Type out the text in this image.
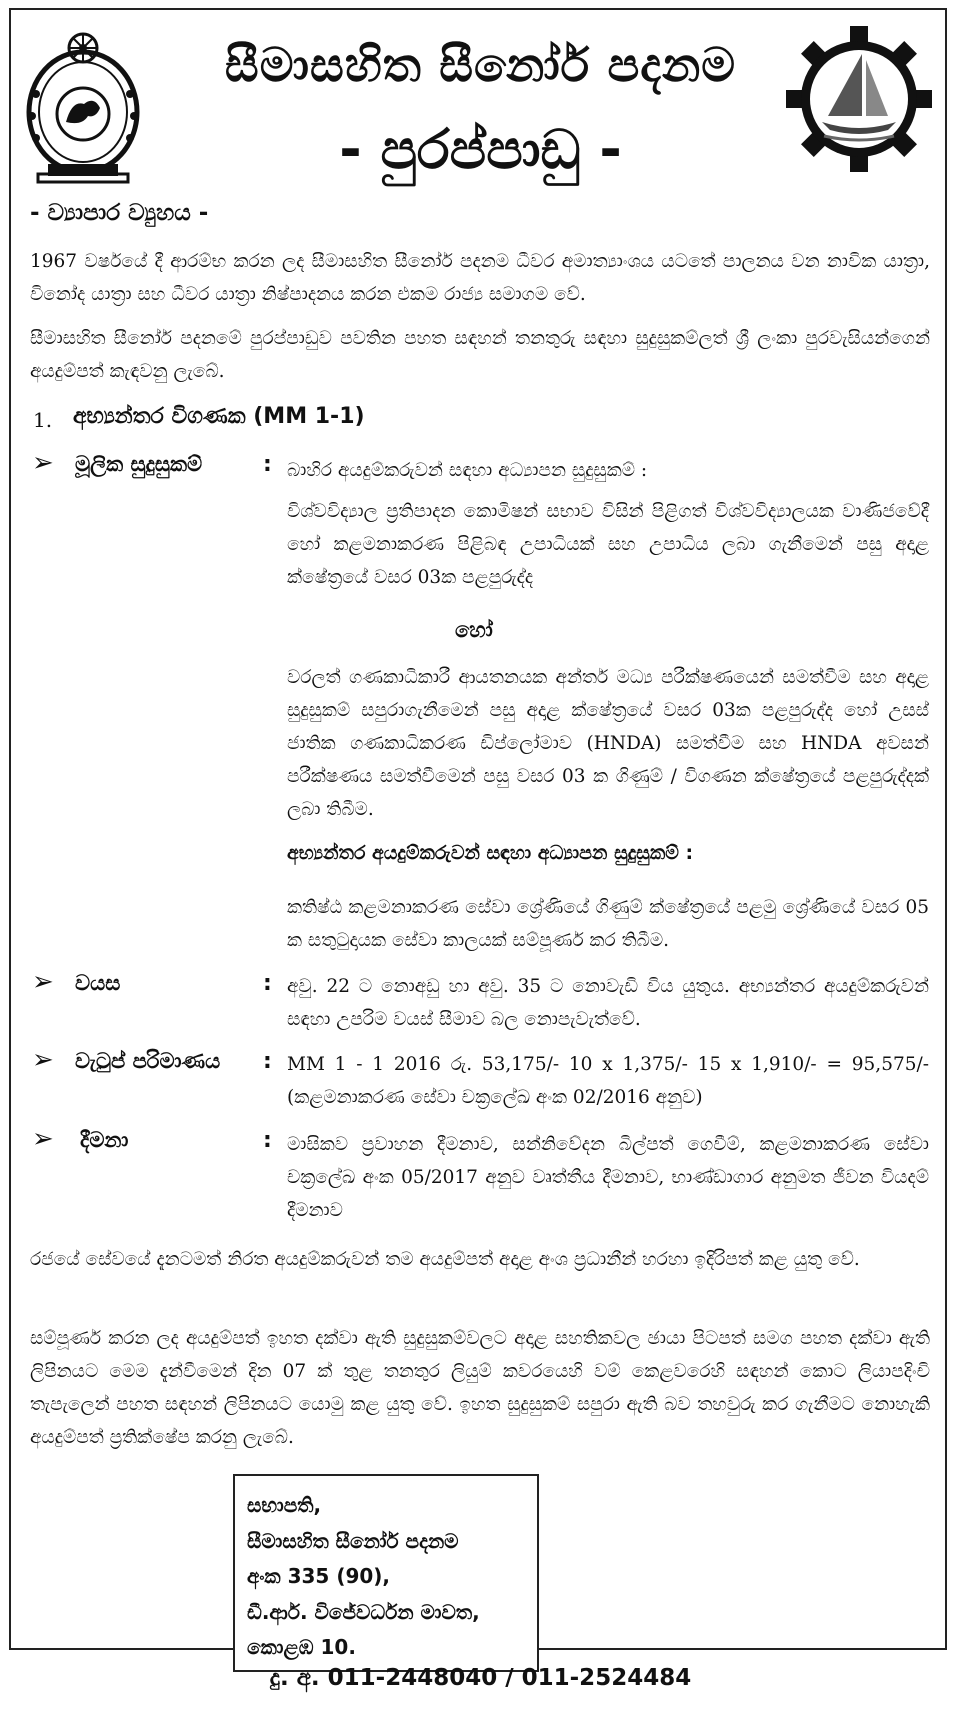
සීමාසහිත සීනෝර් පදනම
- පුරප්පාඩු -
- ව්‍යාපාර ව්‍යුහය -
1967 වර්ෂයේ දී ආරම්භ කරන ලද සීමාසහිත සීනෝර් පදනම ධීවර අමාත්‍යාංශය යටතේ පාලනය වන නාවික යාත්‍රා, විනෝද යාත්‍රා සහ ධීවර යාත්‍රා නිෂ්පාදනය කරන එකම රාජ්‍ය සමාගම වේ.
සීමාසහිත සීනෝර් පදනමේ පුරප්පාඩුව පවතින පහත සඳහන් තනතුරු සඳහා සුදුසුකම්ලත් ශ්‍රී ලංකා පුරවැසියන්ගෙන් අයදුම්පත් කැඳවනු ලැබේ.
1. අභ්‍යන්තර විගණක (MM 1-1)
➢ මූලික සුදුසුකම්	: බාහිර අයදුම්කරුවන් සඳහා අධ්‍යාපන සුදුසුකම් :
විශ්වවිද්‍යාල ප්‍රතිපාදන කොමිෂන් සභාව විසින් පිළිගත් විශ්වවිද්‍යාලයක වාණිජවේදී හෝ කළමනාකරණ පිළිබඳ උපාධියක් සහ උපාධිය ලබා ගැනීමෙන් පසු අදාළ ක්ෂේත්‍රයේ වසර 03ක පළපුරුද්ද
හෝ
වරලත් ගණකාධිකාරී ආයතනයක අන්තර් මධ්‍ය පරීක්ෂණයෙන් සමත්වීම සහ අදාළ සුදුසුකම් සපුරාගැනීමෙන් පසු අදාළ ක්ෂේත්‍රයේ වසර 03ක පළපුරුද්ද හෝ උසස් ජාතික ගණකාධිකරණ ඩිප්ලෝමාව (HNDA) සමත්වීම සහ HNDA අවසන් පරීක්ෂණය සමත්වීමෙන් පසු වසර 03 ක ගිණුම් / විගණන ක්ෂේත්‍රයේ පළපුරුද්දක් ලබා තිබීම.
අභ්‍යන්තර අයදුම්කරුවන් සඳහා අධ්‍යාපන සුදුසුකම් :
කතිෂ්ඨ කළමනාකරණ සේවා ශ්‍රේණියේ ගිණුම් ක්ෂේත්‍රයේ පළමු ශ්‍රේණියේ වසර 05 ක සතුටුදායක සේවා කාලයක් සම්පූර්ණ කර තිබීම.
➢ වයස	: අවු. 22 ට නොඅඩු හා අවු. 35 ට නොවැඩි විය යුතුය. අභ්‍යන්තර අයදුම්කරුවන් සඳහා උපරිම වයස් සීමාව බල නොපැවැත්වේ.
➢ වැටුප් පරිමාණය : MM 1 - 1 2016 රු. 53,175/- 10 x 1,375/- 15 x 1,910/- = 95,575/- (කළමනාකරණ සේවා චක්‍රලේඛ අංක 02/2016 අනුව)
➢ දීමනා	: මාසිකව ප්‍රවාහන දීමනාව, සන්නිවේදන බිල්පත් ගෙවීම්, කළමනාකරණ සේවා චක්‍රලේඛ අංක 05/2017 අනුව වෘත්තීය දීමනාව, භාණ්ඩාගාර අනුමත ජීවන වියදම් දීමනාව
රජයේ සේවයේ දැනටමත් නිරත අයදුම්කරුවන් තම අයදුම්පත් අදාළ අංශ ප්‍රධානීන් හරහා ඉදිරිපත් කළ යුතු වේ.
සම්පූර්ණ කරන ලද අයදුම්පත් ඉහත දක්වා ඇති සුදුසුකම්වලට අදාළ සහතිකවල ඡායා පිටපත් සමග පහත දක්වා ඇති ලිපිනයට මෙම දැන්වීමෙන් දින 07 ක් තුළ තනතුර ලියුම් කවරයෙහි වම් කෙළවරෙහි සඳහන් කොට ලියාපදිංචි තැපැලෙන් පහත සඳහන් ලිපිනයට යොමු කළ යුතු වේ. ඉහත සුදුසුකම් සපුරා ඇති බව තහවුරු කර ගැනීමට නොහැකි අයදුම්පත් ප්‍රතික්ෂේප කරනු ලැබේ.
සභාපති,
සීමාසහිත සීනෝර් පදනම
අංක 335 (90),
ඩී.ආර්. විජේවර්ධන මාවත,
කොළඹ 10.
දු. අ. 011-2448040 / 011-2524484
